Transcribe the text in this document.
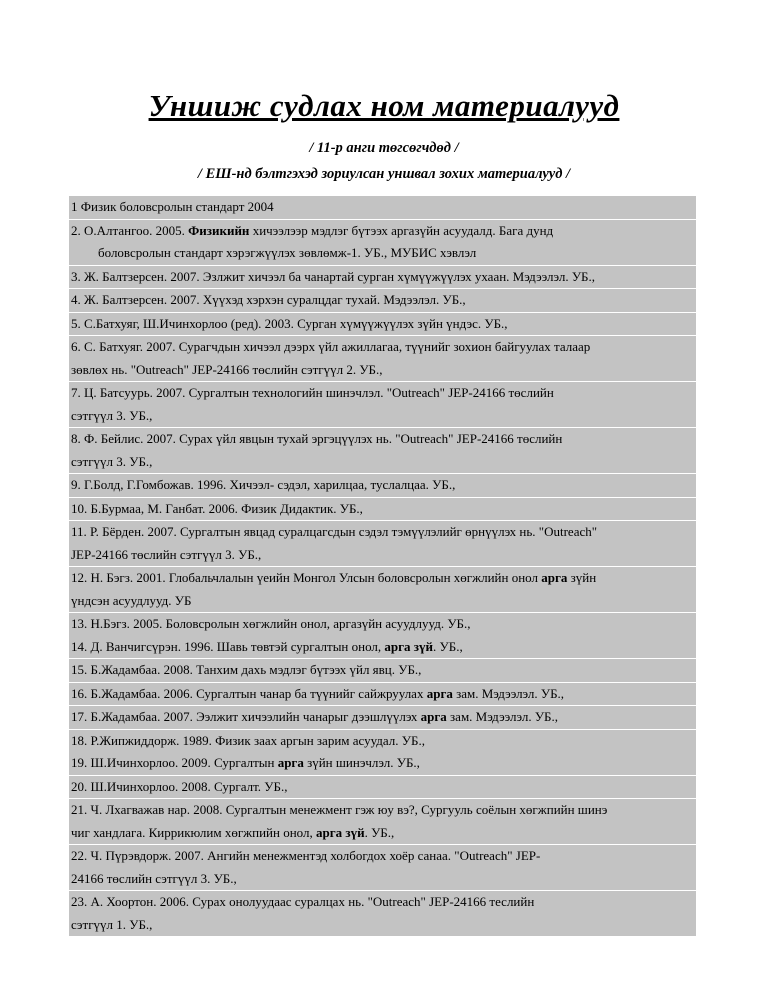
Уншиж судлах ном материалууд
/ 11-р анги төгсөгчдөд /
/ ЕШ-нд бэлтгэхэд зориулсан уншвал зохих материалууд /
1 Физик боловсролын стандарт 2004
2. О.Алтангоо. 2005. Физикийн хичээлээр мэдлэг бүтээх аргазүйн асуудалд. Бага дунд
боловсролын стандарт хэрэгжүүлэх зөвлөмж-1. УБ., МУБИС хэвлэл
3. Ж. Балтзерсен. 2007. Эзлжит хичээл ба чанартай сурган хүмүүжүүлэх ухаан. Мэдээлэл. УБ.,
4. Ж. Балтзерсен. 2007. Хүүхэд хэрхэн суралцдаг тухай. Мэдээлэл. УБ.,
5. С.Батхуяг, Ш.Ичинхорлоо (ред). 2003. Сурган хүмүүжүүлэх зүйн үндэс. УБ.,
6. С. Батхуяг. 2007. Сурагчдын хичээл дээрх үйл ажиллагаа, түүнийг зохион байгуулах талаар
зөвлөх нь. "Outreach" JEP-24166 төслийн сэтгүүл 2. УБ.,
7. Ц. Батсуурь. 2007. Сургалтын технологийн шинэчлэл. "Outreach" JEP-24166 төслийн
сэтгүүл 3. УБ.,
8. Ф. Бейлис. 2007. Сурах үйл явцын тухай эргэцүүлэх нь. "Outreach" JEP-24166 төслийн
сэтгүүл 3. УБ.,
9. Г.Болд, Г.Гомбожав. 1996. Хичээл- сэдэл, харилцаа, туслалцаа. УБ.,
10. Б.Бурмаа, М. Ганбат. 2006. Физик Дидактик. УБ.,
11. Р. Бёрден. 2007. Сургалтын явцад суралцагсдын сэдэл тэмүүлэлийг өрнүүлэх нь. "Outreach"
JEP-24166 төслийн сэтгүүл 3. УБ.,
12. Н. Бэгз. 2001. Глобальчлалын үеийн Монгол Улсын боловсролын хөгжлийн онол арга зүйн
үндсэн асуудлууд. УБ
13. Н.Бэгз. 2005. Боловсролын хөгжлийн онол, аргазүйн асуудлууд. УБ.,
14. Д. Ванчигсүрэн. 1996. Шавь төвтэй сургалтын онол, арга зүй. УБ.,
15. Б.Жадамбаа. 2008. Танхим дахь мэдлэг бүтээх үйл явц. УБ.,
16. Б.Жадамбаа. 2006. Сургалтын чанар ба түүнийг сайжруулах арга зам. Мэдээлэл. УБ.,
17. Б.Жадамбаа. 2007. Ээлжит хичээлийн чанарыг дээшлүүлэх арга зам. Мэдээлэл. УБ.,
18. Р.Жипжиддорж. 1989. Физик заах аргын зарим асуудал. УБ.,
19. Ш.Ичинхорлоо. 2009. Сургалтын арга зүйн шинэчлэл. УБ.,
20. Ш.Ичинхорлоо. 2008. Сургалт. УБ.,
21. Ч. Лхагважав нар. 2008. Сургалтын менежмент гэж юу вэ?, Сургууль соёлын хөгжпийн шинэ
чиг хандлага. Киррикюлим хөгжпийн онол, арга зүй. УБ.,
22. Ч. Пүрэвдорж. 2007. Ангийн менежментэд холбогдох хоёр санаа. "Outreach" JEP-
24166 төслийн сэтгүүл 3. УБ.,
23. А. Хоортон. 2006. Сурах онолуудаас суралцах нь. "Outreach" JEP-24166 теслийн
сэтгүүл 1. УБ.,
